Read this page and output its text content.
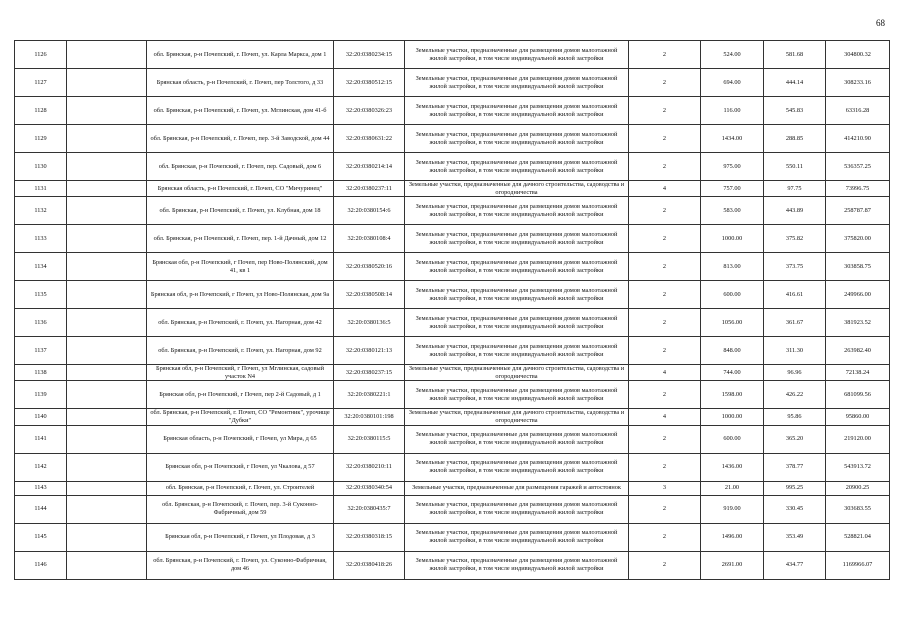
68
1126		обл. Брянская, р-н Почепский, г. Почеп, ул. Карла Маркса, дом 1	32:20:0380234:15	Земельные участки, предназначенные для размещения домов малоэтажной жилой застройки, в том числе индивидуальной жилой застройки	2	524.00	581.68	304800.32
1127		Брянская область, р-н Почепский, г. Почеп, пер Толстого, д 33	32:20:0380512:15	Земельные участки, предназначенные для размещения домов малоэтажной жилой застройки, в том числе индивидуальной жилой застройки	2	694.00	444.14	308233.16
1128		обл. Брянская, р-н Почепский, г. Почеп, ул. Мглинская, дом 41-б	32:20:0380326:23	Земельные участки, предназначенные для размещения домов малоэтажной жилой застройки, в том числе индивидуальной жилой застройки	2	116.00	545.83	63316.28
1129		обл. Брянская, р-н Почепский, г. Почеп, пер. 3-й Заводской, дом 44	32:20:0380631:22	Земельные участки, предназначенные для размещения домов малоэтажной жилой застройки, в том числе индивидуальной жилой застройки	2	1434.00	288.85	414210.90
1130		обл. Брянская, р-н Почепский, г. Почеп, пер. Садовый, дом 6	32:20:0380214:14	Земельные участки, предназначенные для размещения домов малоэтажной жилой застройки, в том числе индивидуальной жилой застройки	2	975.00	550.11	536357.25
1131		Брянская область, р-н Почепский, г. Почеп, СО "Мичуринец"	32:20:0380237:11	Земельные участки, предназначенные для дачного строительства, садоводства и огородничества	4	757.00	97.75	73996.75
1132		обл. Брянская, р-н Почепский, г. Почеп, ул. Клубная, дом 18	32:20:0380154:6	Земельные участки, предназначенные для размещения домов малоэтажной жилой застройки, в том числе индивидуальной жилой застройки	2	583.00	443.89	258787.87
1133		обл. Брянская, р-н Почепский, г. Почеп, пер. 1-й Дачный, дом 12	32:20:0380108:4	Земельные участки, предназначенные для размещения домов малоэтажной жилой застройки, в том числе индивидуальной жилой застройки	2	1000.00	375.82	375820.00
1134		Брянская обл, р-н Почепский, г Почеп, пер Ново-Полянский, дом 41, кв 1	32:20:0380520:16	Земельные участки, предназначенные для размещения домов малоэтажной жилой застройки, в том числе индивидуальной жилой застройки	2	813.00	373.75	303858.75
1135		Брянская обл, р-н Почепский, г Почеп, ул Ново-Полянская, дом 9а	32:20:0380508:14	Земельные участки, предназначенные для размещения домов малоэтажной жилой застройки, в том числе индивидуальной жилой застройки	2	600.00	416.61	249966.00
1136		обл. Брянская, р-н Почепский, г. Почеп, ул. Нагорная, дом 42	32:20:0380136:5	Земельные участки, предназначенные для размещения домов малоэтажной жилой застройки, в том числе индивидуальной жилой застройки	2	1056.00	361.67	381923.52
1137		обл. Брянская, р-н Почепский, г. Почеп, ул. Нагорная, дом 92	32:20:0380121:13	Земельные участки, предназначенные для размещения домов малоэтажной жилой застройки, в том числе индивидуальной жилой застройки	2	848.00	311.30	263982.40
1138		Брянская обл, р-н Почепский, г Почеп, ул Мглинская, садовый участок N4	32:20:0380237:15	Земельные участки, предназначенные для дачного строительства, садоводства и огородничества	4	744.00	96.96	72138.24
1139		Брянская обл, р-н Почепский, г Почеп, пер 2-й Садовый, д 1	32:20:0380221:1	Земельные участки, предназначенные для размещения домов малоэтажной жилой застройки, в том числе индивидуальной жилой застройки	2	1598.00	426.22	681099.56
1140		обл. Брянская, р-н Почепский, г. Почеп, СО "Ремонтник", урочище "Дубки"	32:20:0380101:198	Земельные участки, предназначенные для дачного строительства, садоводства и огородничества	4	1000.00	95.86	95860.00
1141		Брянская область, р-н Почепский, г Почеп, ул Мира, д 65	32:20:0380115:5	Земельные участки, предназначенные для размещения домов малоэтажной жилой застройки, в том числе индивидуальной жилой застройки	2	600.00	365.20	219120.00
1142		Брянская обл, р-н Почепский, г Почеп, ул Чкалова, д 57	32:20:0380210:11	Земельные участки, предназначенные для размещения домов малоэтажной жилой застройки, в том числе индивидуальной жилой застройки	2	1436.00	378.77	543913.72
1143		обл. Брянская, р-н Почепский, г. Почеп, ул. Строителей	32:20:0380340:54	Земельные участки, предназначенные для размещения гаражей и автостоянок	3	21.00	995.25	20900.25
1144		обл. Брянская, р-н Почепский, г. Почеп, пер. 3-й Суконно-Фабричный, дом 59	32:20:0380435:7	Земельные участки, предназначенные для размещения домов малоэтажной жилой застройки, в том числе индивидуальной жилой застройки	2	919.00	330.45	303683.55
1145		Брянская обл, р-н Почепский, г Почеп, ул Плодовая, д 3	32:20:0380318:15	Земельные участки, предназначенные для размещения домов малоэтажной жилой застройки, в том числе индивидуальной жилой застройки	2	1496.00	353.49	528821.04
1146		обл. Брянская, р-н Почепский, г. Почеп, ул. Суконно-Фабричная, дом 46	32:20:0380418:26	Земельные участки, предназначенные для размещения домов малоэтажной жилой застройки, в том числе индивидуальной жилой застройки	2	2691.00	434.77	1169966.07
